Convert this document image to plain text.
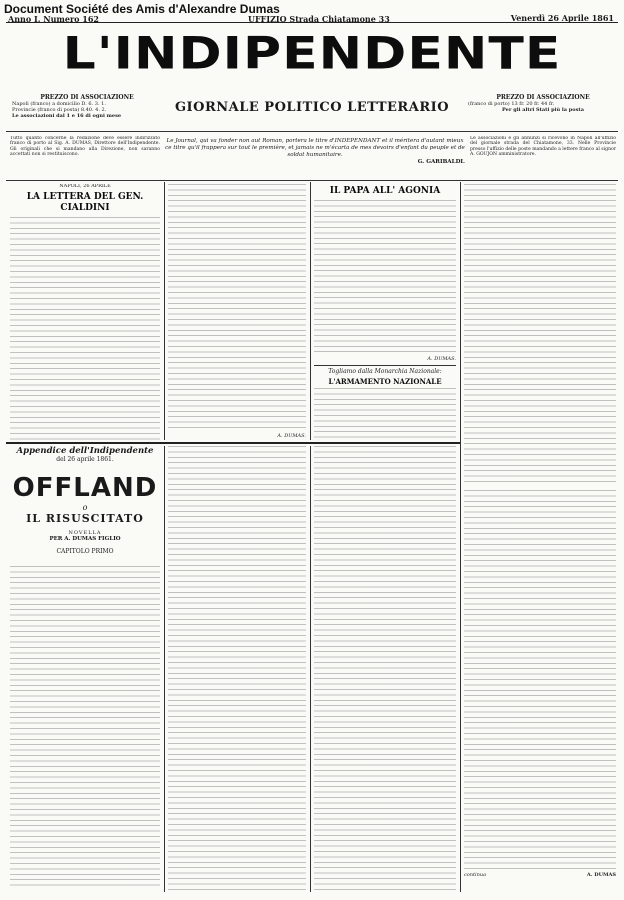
Document Société des Amis d'Alexandre Dumas
Anno I. Numero 162	UFFIZIO Strada Chiatamone 33	Venerdì 26 Aprile 1861
L'INDIPENDENTE
PREZZO DI ASSOCIAZIONE
Napoli (franco) a domicilio D. 6. 3. 1.
Provincie (franco di posta) 8.40. 4. 2.
Le associazioni dal 1 e 16 di ogni mese
GIORNALE POLITICO LETTERARIO
PREZZO DI ASSOCIAZIONE
(franco di porto) 13 fr. 20 fr. 44 fr.
Per gli altri Stati più la posta
Tutto quanto concerne la redazione deve essere indirizzato franco di porto al Sig. A. DUMAS, Direttore dell'Indipendente. Gli originali che si mandano alla Direzione, non saranno accettati non si restituiscono.
Le Journal, qui va fonder non aut Roman, portera le titre d'INDEPENDANT et il méritera d'autant mieux ce titre qu'il frappera sur tout le première, et jamais ne m'écarta de mes devoirs d'enfant du peuple et de soldat humanitaire.
G. GARIBALDI.
Le associazioni e gli annunzi si ricevono in Napoli all'uffizio del giornale strada del Chiatamone, 33. Nelle Provincie presso l'uffizio delle poste mandando a lettere franco al signor A. GOUJON amministratore.
NAPOLI, 26 APRILE
LA LETTERA DEL GEN. CIALDINI
A. DUMAS.
IL PAPA ALL' AGONIA
A. DUMAS.
Togliamo dalla Monarchia Nazionale:
L'ARMAMENTO NAZIONALE
Appendice dell'Indipendente
del 26 aprile 1861.
OFFLAND
o
IL RISUSCITATO
NOVELLA
PER A. DUMAS FIGLIO
CAPITOLO PRIMO
continua	A. DUMAS
